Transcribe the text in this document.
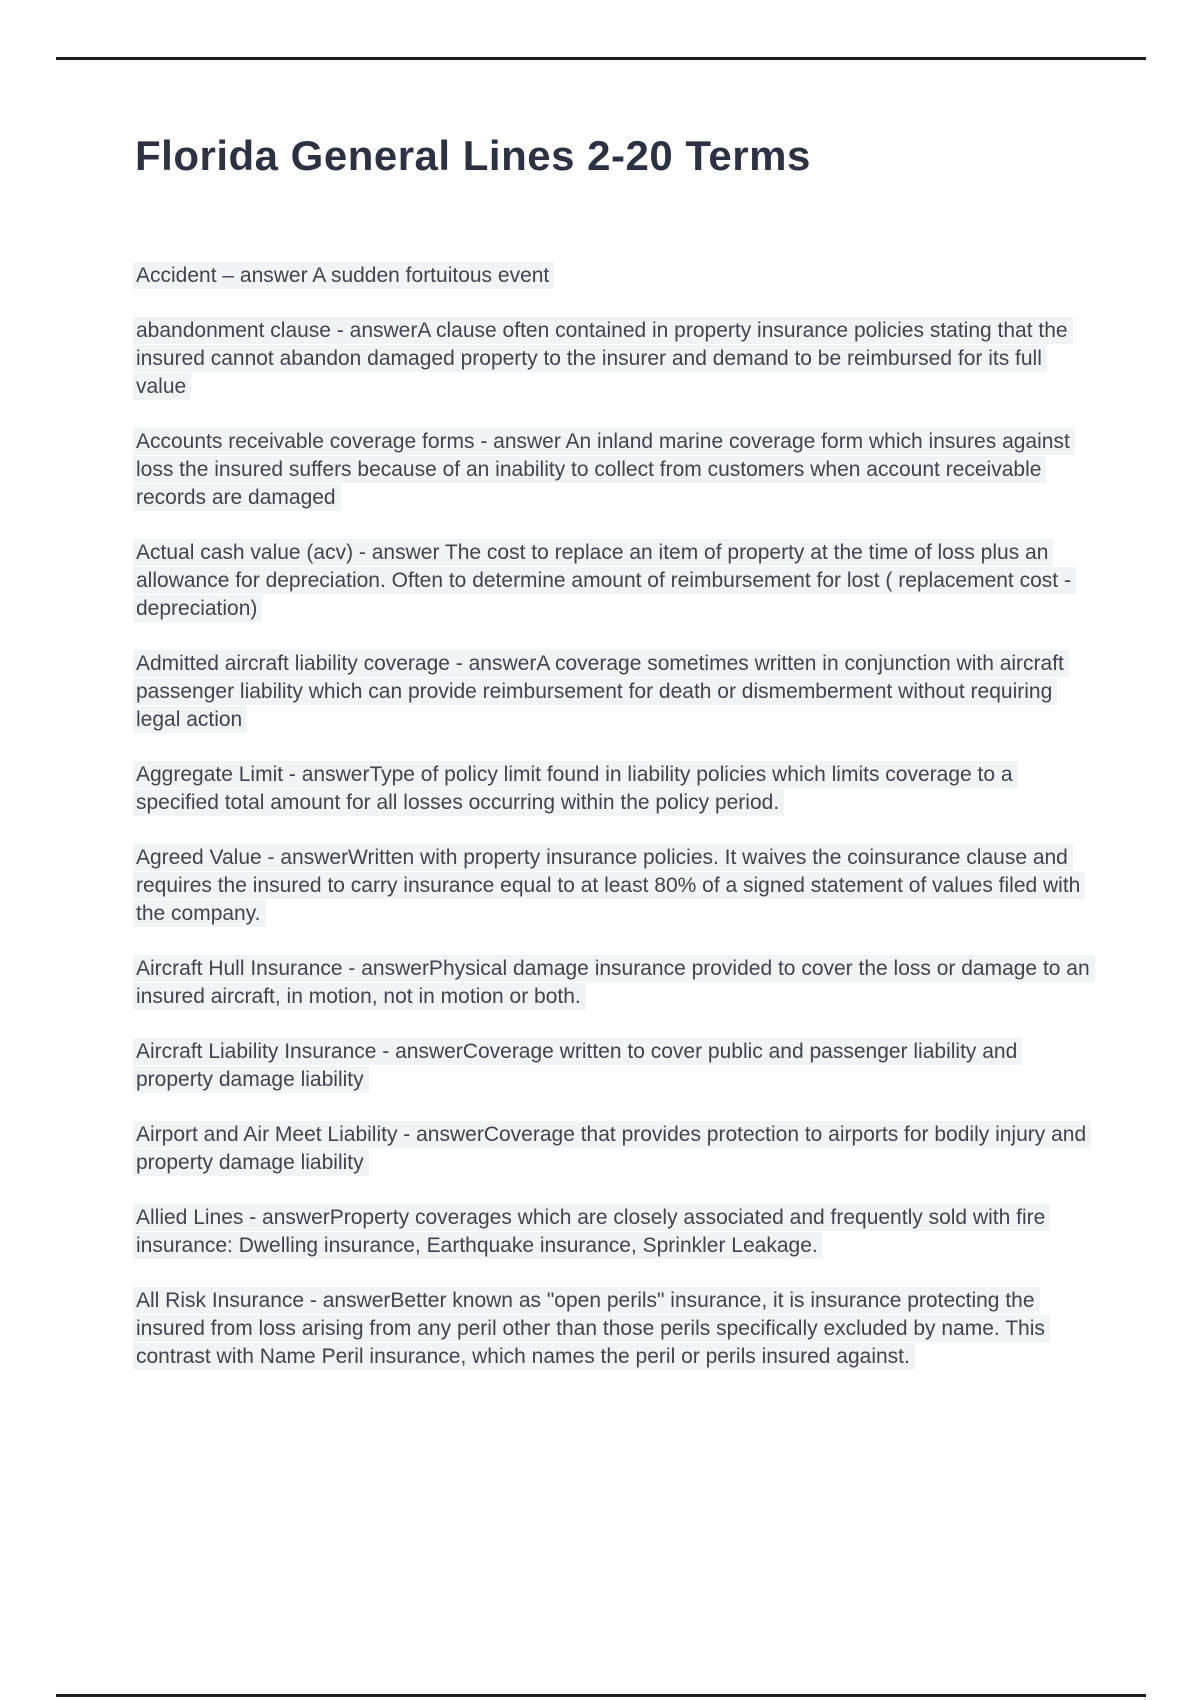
Florida General Lines 2-20 Terms

Accident – answer A sudden fortuitous event

abandonment clause - answerA clause often contained in property insurance policies stating that the insured cannot abandon damaged property to the insurer and demand to be reimbursed for its full value

Accounts receivable coverage forms - answer An inland marine coverage form which insures against loss the insured suffers because of an inability to collect from customers when account receivable records are damaged

Actual cash value (acv) - answer The cost to replace an item of property at the time of loss plus an allowance for depreciation. Often to determine amount of reimbursement for lost ( replacement cost - depreciation)

Admitted aircraft liability coverage - answerA coverage sometimes written in conjunction with aircraft passenger liability which can provide reimbursement for death or dismemberment without requiring legal action

Aggregate Limit - answerType of policy limit found in liability policies which limits coverage to a specified total amount for all losses occurring within the policy period.

Agreed Value - answerWritten with property insurance policies. It waives the coinsurance clause and requires the insured to carry insurance equal to at least 80% of a signed statement of values filed with the company.

Aircraft Hull Insurance - answerPhysical damage insurance provided to cover the loss or damage to an insured aircraft, in motion, not in motion or both.

Aircraft Liability Insurance - answerCoverage written to cover public and passenger liability and property damage liability

Airport and Air Meet Liability - answerCoverage that provides protection to airports for bodily injury and property damage liability

Allied Lines - answerProperty coverages which are closely associated and frequently sold with fire insurance: Dwelling insurance, Earthquake insurance, Sprinkler Leakage.

All Risk Insurance - answerBetter known as "open perils" insurance, it is insurance protecting the insured from loss arising from any peril other than those perils specifically excluded by name. This contrast with Name Peril insurance, which names the peril or perils insured against.
